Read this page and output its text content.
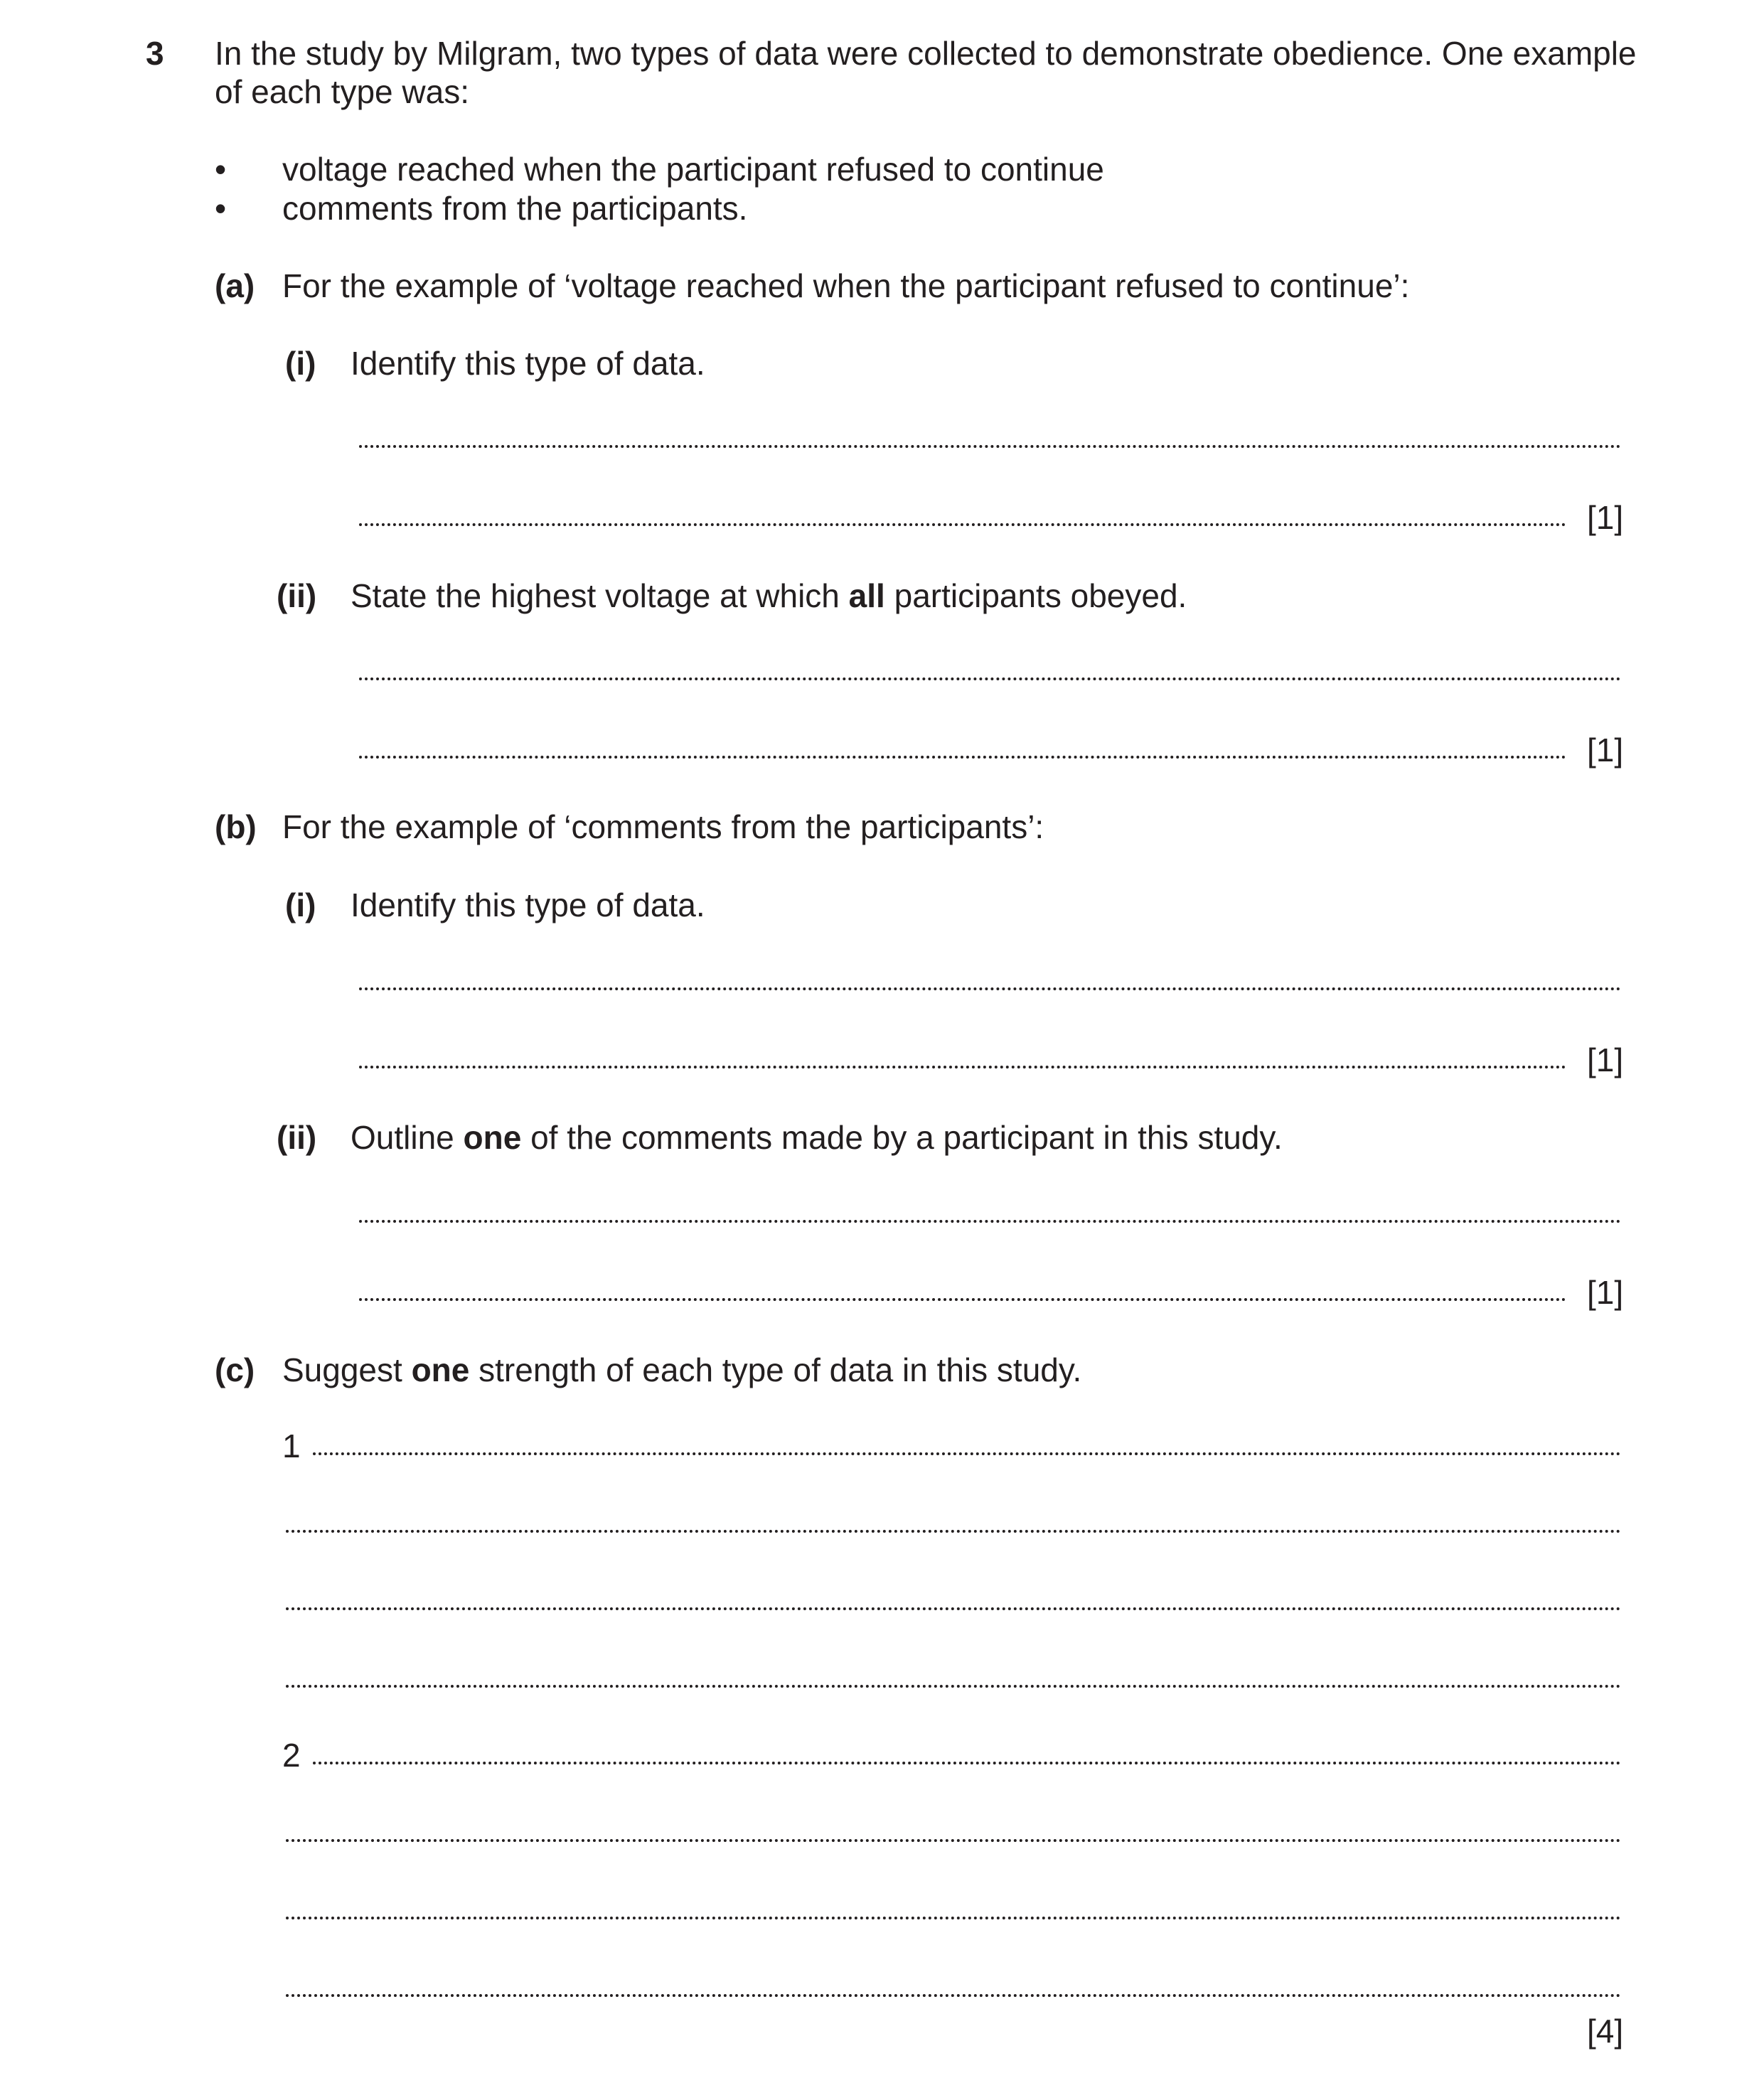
3 In the study by Milgram, two types of data were collected to demonstrate obedience. One example
of each type was:
• voltage reached when the participant refused to continue
• comments from the participants.
(a) For the example of ‘voltage reached when the participant refused to continue’:
(i) Identify this type of data.
[1]
(ii) State the highest voltage at which all participants obeyed.
[1]
(b) For the example of ‘comments from the participants’:
(i) Identify this type of data.
[1]
(ii) Outline one of the comments made by a participant in this study.
[1]
(c) Suggest one strength of each type of data in this study.
1
2
[4]
